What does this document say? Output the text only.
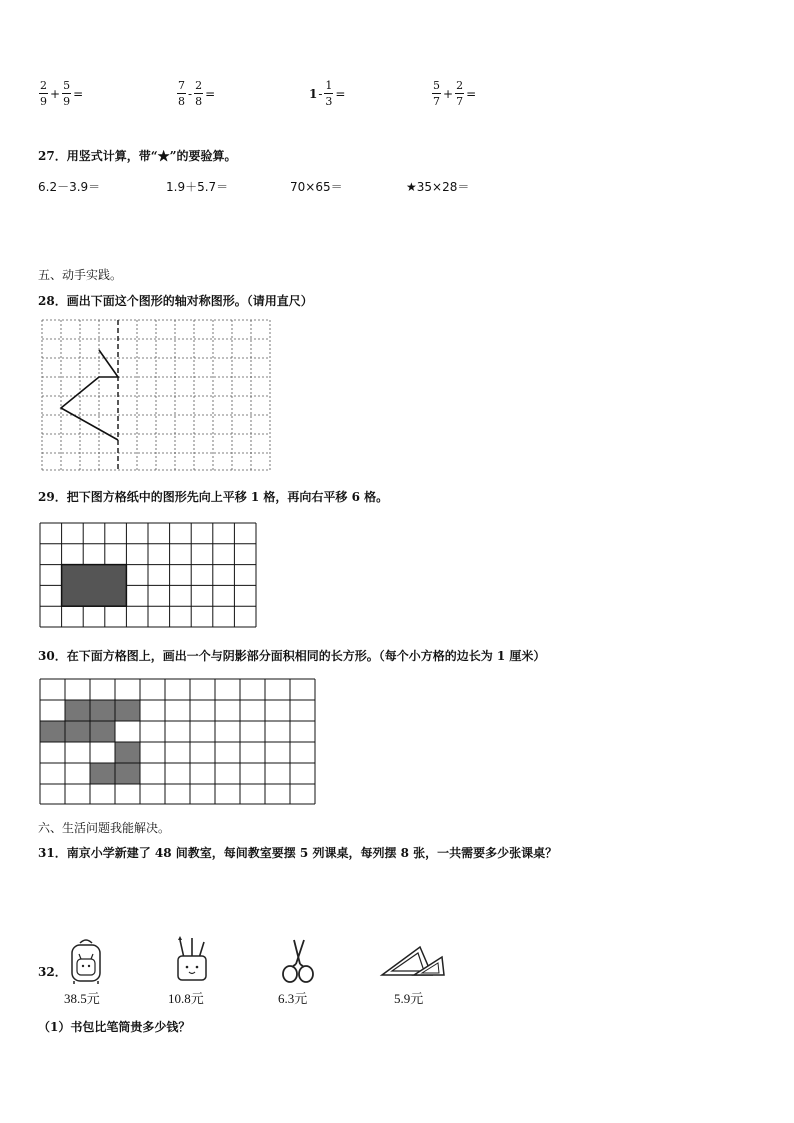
$\frac{2}{9} + \frac{5}{9}$ =	$\frac{7}{8} - \frac{2}{8}$ =	$1 - \frac{1}{3}$ =	$\frac{5}{7} + \frac{2}{7}$ =
27．用竖式计算，带“★”的要验算。
6.2－3.9＝	1.9＋5.7＝	70×65＝	★35×28＝
五、动手实践。
28．画出下面这个图形的轴对称图形。（请用直尺）
29．把下图方格纸中的图形先向上平移 1 格，再向右平移 6 格。
30．在下面方格图上，画出一个与阴影部分面积相同的长方形。（每个小方格的边长为 1 厘米）
六、生活问题我能解决。
31．南京小学新建了 48 间教室，每间教室要摆 5 列课桌，每列摆 8 张，一共需要多少张课桌？
32．
38.5元	10.8元	6.3元	5.9元
（1）书包比笔筒贵多少钱？
